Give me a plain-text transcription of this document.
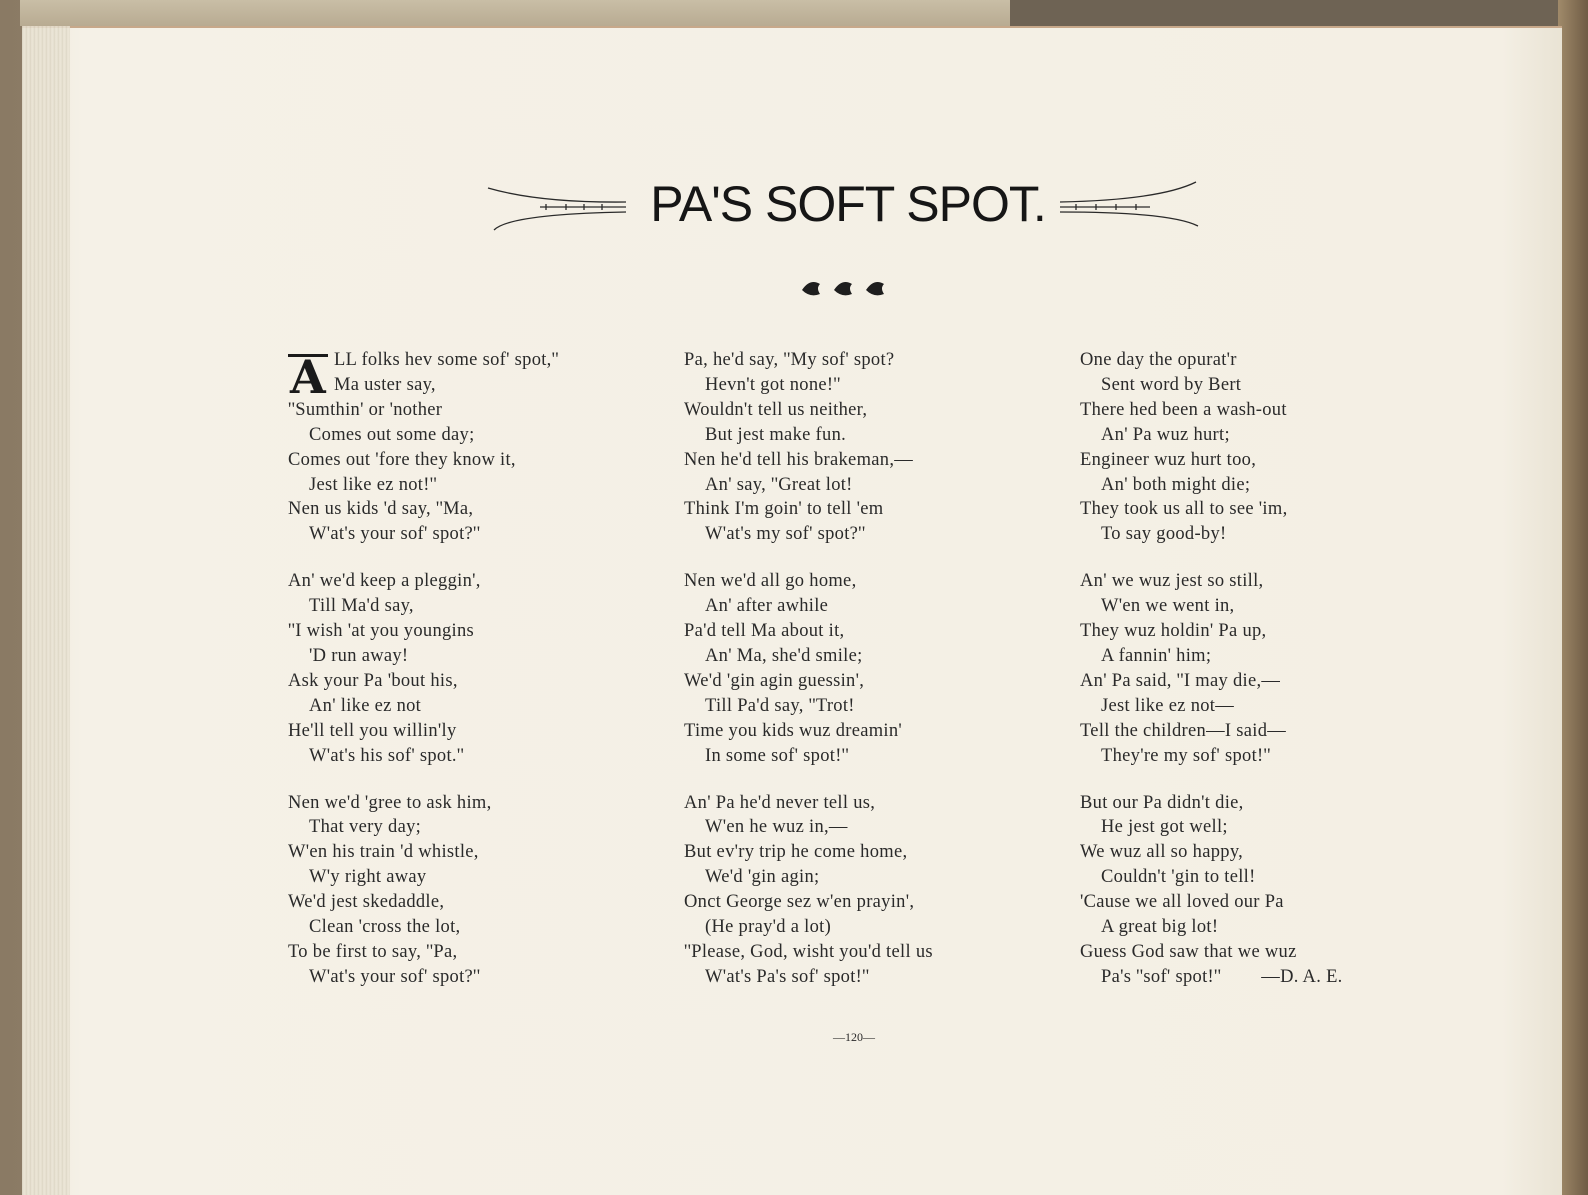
PA'S SOFT SPOT.
A LL folks hev some sof' spot,''
Ma uster say,
''Sumthin' or 'nother
Comes out some day;
Comes out 'fore they know it,
Jest like ez not!''
Nen us kids 'd say, ''Ma,
W'at's your sof' spot?''
An' we'd keep a pleggin',
Till Ma'd say,
''I wish 'at you youngins
'D run away!
Ask your Pa 'bout his,
An' like ez not
He'll tell you willin'ly
W'at's his sof' spot.''
Nen we'd 'gree to ask him,
That very day;
W'en his train 'd whistle,
W'y right away
We'd jest skedaddle,
Clean 'cross the lot,
To be first to say, ''Pa,
W'at's your sof' spot?''
Pa, he'd say, ''My sof' spot?
Hevn't got none!''
Wouldn't tell us neither,
But jest make fun.
Nen he'd tell his brakeman,—
An' say, ''Great lot!
Think I'm goin' to tell 'em
W'at's my sof' spot?''
Nen we'd all go home,
An' after awhile
Pa'd tell Ma about it,
An' Ma, she'd smile;
We'd 'gin agin guessin',
Till Pa'd say, ''Trot!
Time you kids wuz dreamin'
In some sof' spot!''
An' Pa he'd never tell us,
W'en he wuz in,—
But ev'ry trip he come home,
We'd 'gin agin;
Onct George sez w'en prayin',
(He pray'd a lot)
''Please, God, wisht you'd tell us
W'at's Pa's sof' spot!''
One day the opurat'r
Sent word by Bert
There hed been a wash-out
An' Pa wuz hurt;
Engineer wuz hurt too,
An' both might die;
They took us all to see 'im,
To say good-by!
An' we wuz jest so still,
W'en we went in,
They wuz holdin' Pa up,
A fannin' him;
An' Pa said, ''I may die,—
Jest like ez not—
Tell the children—I said—
They're my sof' spot!''
But our Pa didn't die,
He jest got well;
We wuz all so happy,
Couldn't 'gin to tell!
'Cause we all loved our Pa
A great big lot!
Guess God saw that we wuz
Pa's ''sof' spot!'' —D. A. E.
—120—
